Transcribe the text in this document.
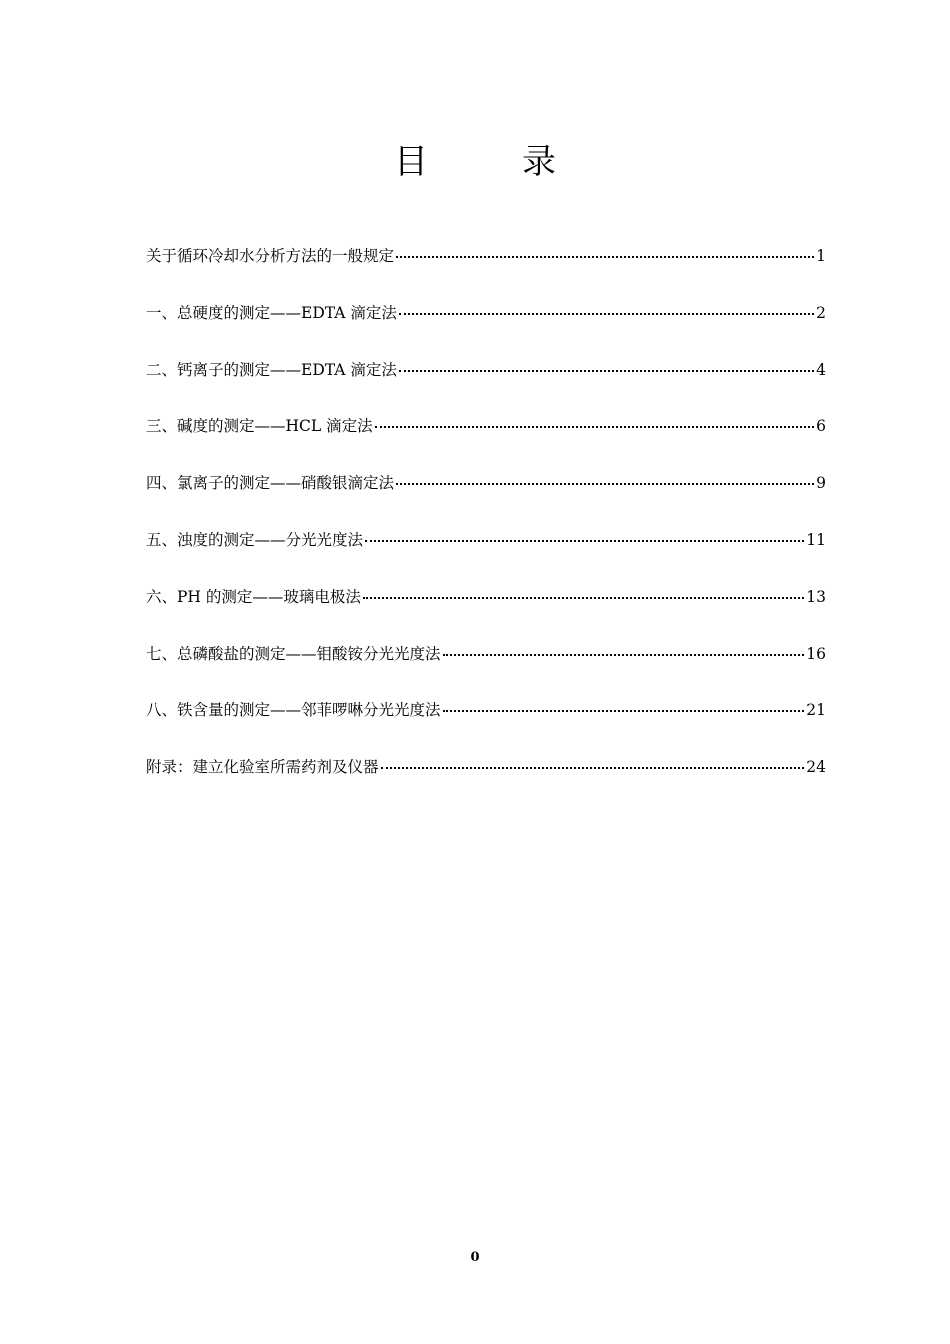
目　录
关于循环冷却水分析方法的一般规定	1
一、总硬度的测定——EDTA 滴定法	2
二、钙离子的测定——EDTA 滴定法	4
三、碱度的测定——HCL 滴定法	6
四、氯离子的测定——硝酸银滴定法	9
五、浊度的测定——分光光度法	11
六、PH 的测定——玻璃电极法	13
七、总磷酸盐的测定——钼酸铵分光光度法	16
八、铁含量的测定——邻菲啰啉分光光度法	21
附录：建立化验室所需药剂及仪器	24
0
